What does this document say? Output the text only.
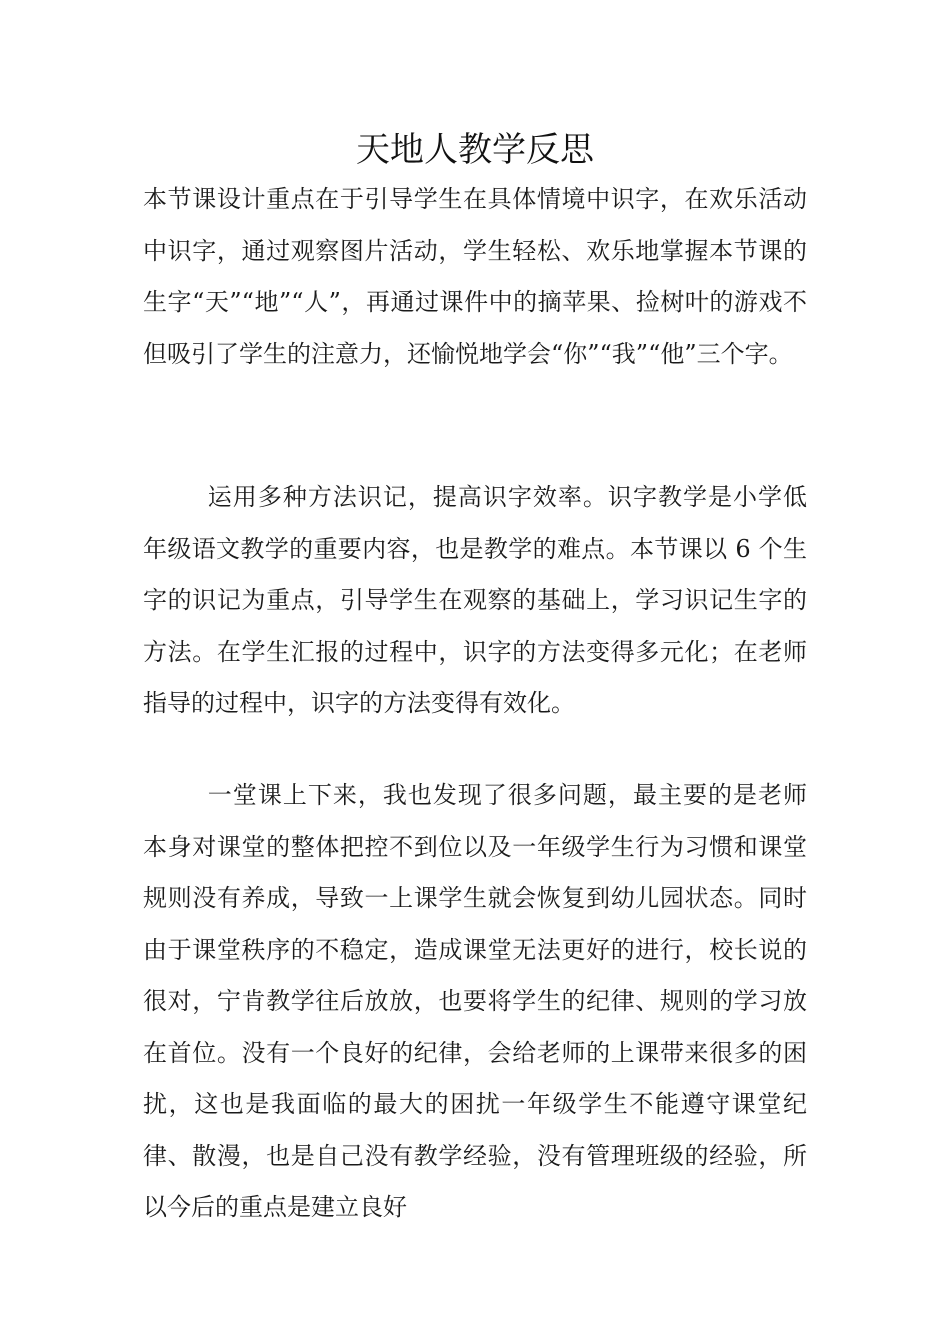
天地人教学反思

本节课设计重点在于引导学生在具体情境中识字，在欢乐活动中识字，通过观察图片活动，学生轻松、欢乐地掌握本节课的生字“天”“地”“人”，再通过课件中的摘苹果、捡树叶的游戏不但吸引了学生的注意力，还愉悦地学会“你”“我”“他”三个字。

运用多种方法识记，提高识字效率。识字教学是小学低年级语文教学的重要内容，也是教学的难点。本节课以 6 个生字的识记为重点，引导学生在观察的基础上，学习识记生字的方法。在学生汇报的过程中，识字的方法变得多元化；在老师指导的过程中，识字的方法变得有效化。

一堂课上下来，我也发现了很多问题，最主要的是老师本身对课堂的整体把控不到位以及一年级学生行为习惯和课堂规则没有养成，导致一上课学生就会恢复到幼儿园状态。同时由于课堂秩序的不稳定，造成课堂无法更好的进行，校长说的很对，宁肯教学往后放放，也要将学生的纪律、规则的学习放在首位。没有一个良好的纪律，会给老师的上课带来很多的困扰，这也是我面临的最大的困扰一年级学生不能遵守课堂纪律、散漫，也是自己没有教学经验，没有管理班级的经验，所以今后的重点是建立良好
